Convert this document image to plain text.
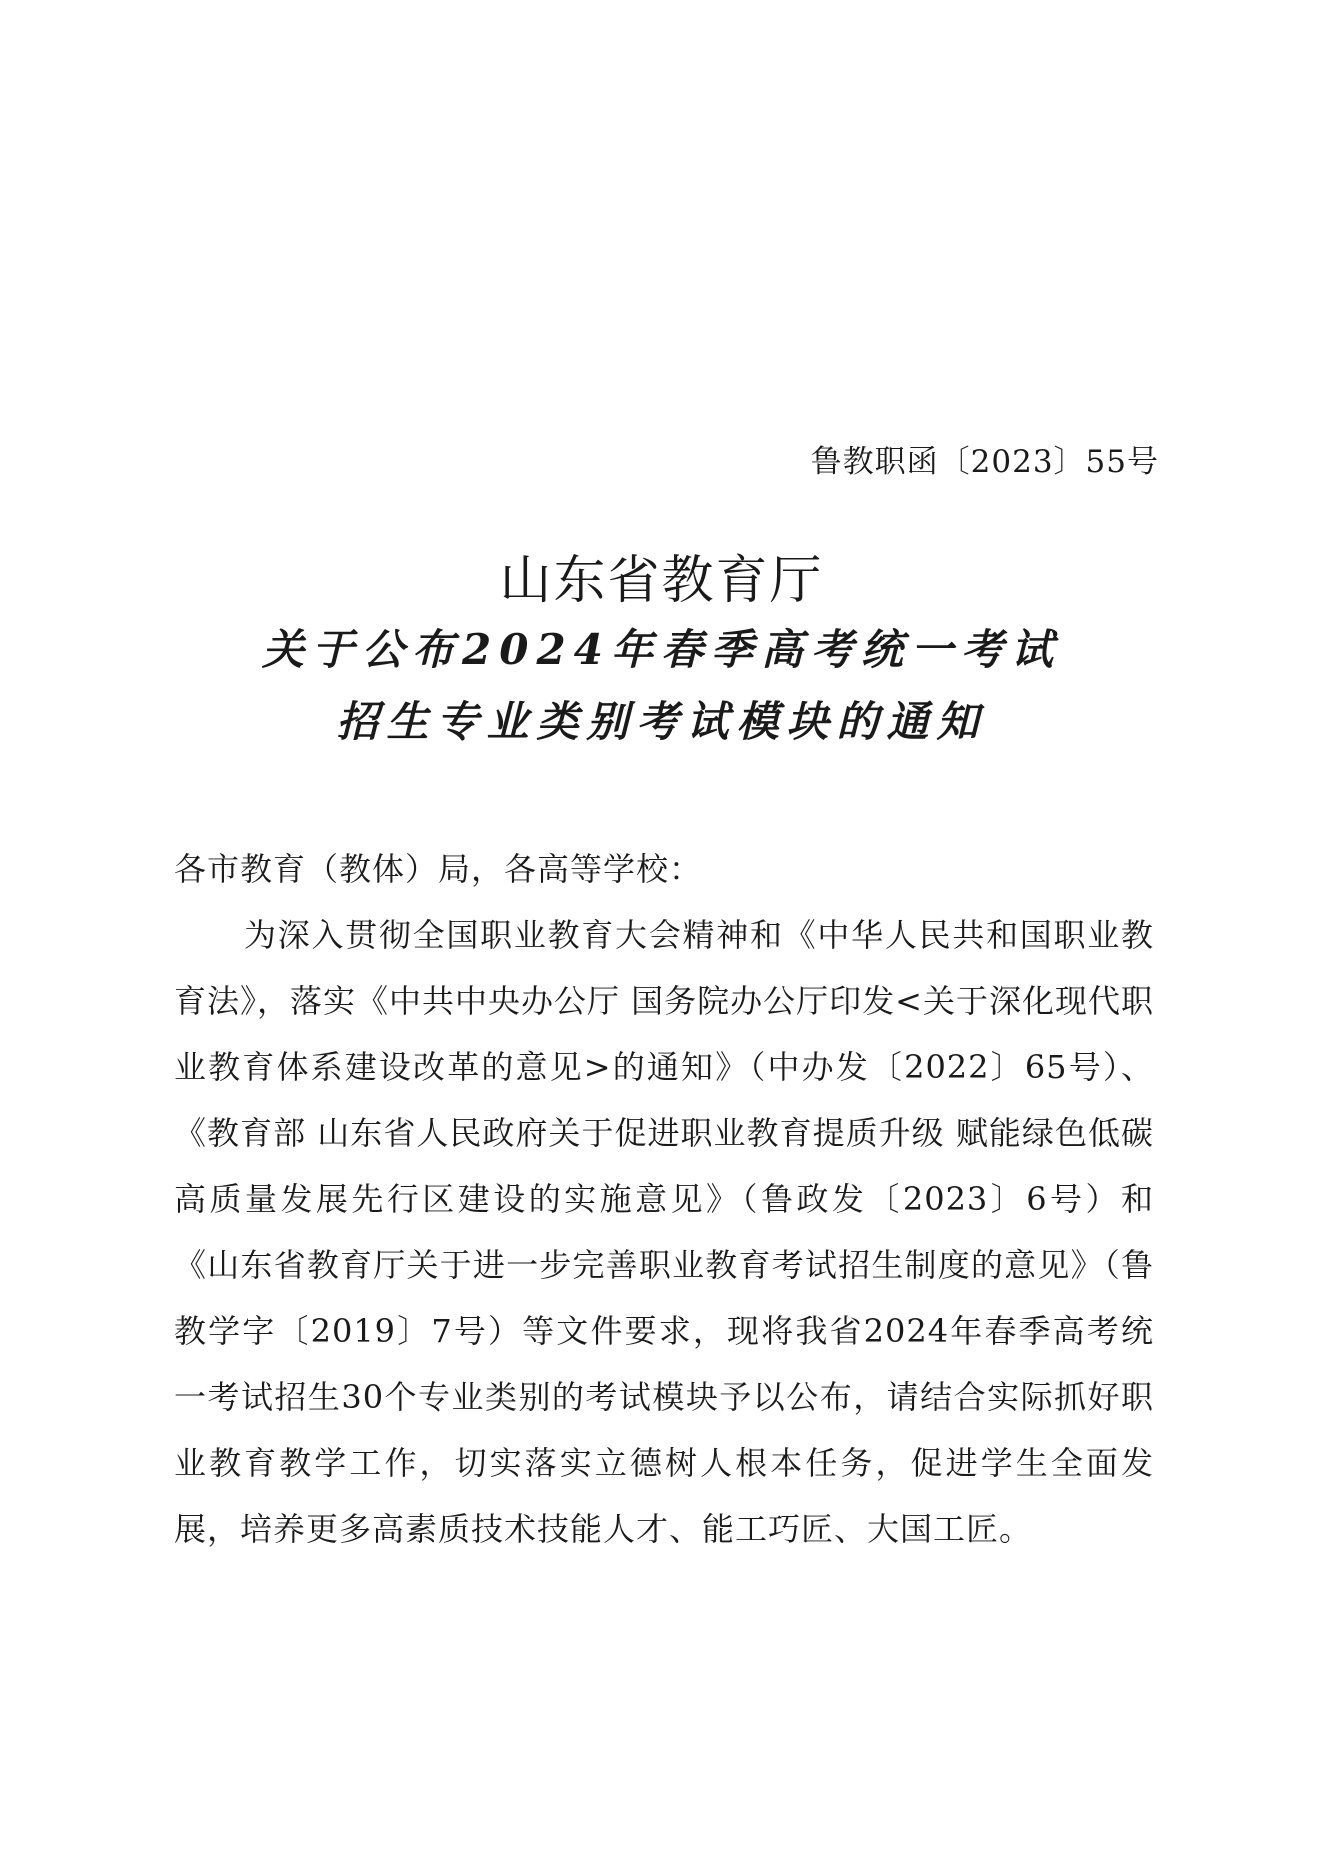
鲁教职函〔2023〕55号
山东省教育厅
关于公布2024年春季高考统一考试
招生专业类别考试模块的通知

各市教育（教体）局，各高等学校：

为深入贯彻全国职业教育大会精神和《中华人民共和国职业教育法》，落实《中共中央办公厅 国务院办公厅印发<关于深化现代职业教育体系建设改革的意见>的通知》（中办发〔2022〕65号）、《教育部 山东省人民政府关于促进职业教育提质升级 赋能绿色低碳高质量发展先行区建设的实施意见》（鲁政发〔2023〕6号）和《山东省教育厅关于进一步完善职业教育考试招生制度的意见》（鲁教学字〔2019〕7号）等文件要求，现将我省2024年春季高考统一考试招生30个专业类别的考试模块予以公布，请结合实际抓好职业教育教学工作，切实落实立德树人根本任务，促进学生全面发展，培养更多高素质技术技能人才、能工巧匠、大国工匠。
